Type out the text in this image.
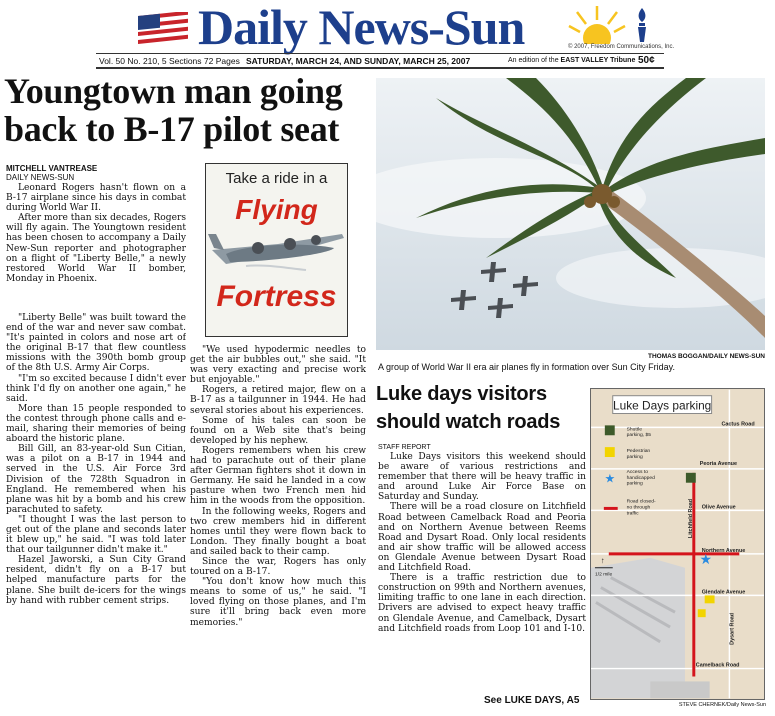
Daily News-Sun	© 2007, Freedom Communications, Inc.
Vol. 50 No. 210, 5 Sections 72 Pages SATURDAY, MARCH 24, AND SUNDAY, MARCH 25, 2007	An edition of the EAST VALLEY Tribune 50¢
Youngtown man going
back to B-17 pilot seat
MITCHELL VANTREASE
DAILY NEWS-SUN

Leonard Rogers hasn't flown on a B-17 airplane since his days in combat during World War II.

After more than six decades, Rogers will fly again. The Youngtown resident has been chosen to accompany a Daily New-Sun reporter and photographer on a flight of "Liberty Belle," a newly restored World War II bomber, Monday in Phoenix.

"Liberty Belle" was built toward the end of the war and never saw combat. "It's painted in colors and nose art of the original B-17 that flew countless missions with the 390th bomb group of the 8th U.S. Army Air Corps.

"I'm so excited because I didn't ever think I'd fly on another one again," he said.

More than 15 people responded to the contest through phone calls and e-mail, sharing their memories of being aboard the historic plane.

Bill Gill, an 83-year-old Sun Citian, was a pilot on a B-17 in 1944 and served in the U.S. Air Force 3rd Division of the 728th Squadron in England. He remembered when his plane was hit by a bomb and his crew parachuted to safety.

"I thought I was the last person to get out of the plane and seconds later it blew up," he said. "I was told later that our tailgunner didn't make it."

Hazel Jaworski, a Sun City Grand resident, didn't fly on a B-17 but helped manufacture parts for the plane. She built de-icers for the wings by hand with rubber cement strips.

"We used hypodermic needles to get the air bubbles out," she said. "It was very exacting and precise work but enjoyable."

Rogers, a retired major, flew on a B-17 as a tailgunner in 1944. He had several stories about his experiences.

Some of his tales can soon be found on a Web site that's being developed by his nephew.

Rogers remembers when his crew had to parachute out of their plane after German fighters shot it down in Germany. He said he landed in a cow pasture when two French men hid him in the woods from the opposition.

In the following weeks, Rogers and two crew members hid in different homes until they were flown back to London. They finally bought a boat and sailed back to their camp.

Since the war, Rogers has only toured on a B-17.

"You don't know how much this means to some of us," he said. "I loved flying on those planes, and I'm sure it'll bring back even more memories."

Take a ride in a
Flying
Fortress
THOMAS BOGGAN/DAILY NEWS-SUN
A group of World War II era air planes fly in formation over Sun City Friday.
Luke days visitors
should watch roads
STAFF REPORT

Luke Days visitors this weekend should be aware of various restrictions and remember that there will be heavy traffic in and around Luke Air Force Base on Saturday and Sunday.

There will be a road closure on Litchfield Road between Camelback Road and Peoria and on Northern Avenue between Reems Road and Dysart Road. Only local residents and air show traffic will be allowed access on Glendale Avenue between Dysart Road and Litchfield Road.

There is a traffic restriction due to construction on 99th and Northern avenues, limiting traffic to one lane in each direction. Drivers are advised to expect heavy traffic on Glendale Avenue, and Camelback, Dysart and Litchfield roads from Loop 101 and I-10.

See LUKE DAYS, A5
Luke Days parking
Shuttle
parking, $5
Pedestrian
parking
★ Access to
handicapped
parking
Road closed-
no through
traffic
★
Cactus Road
Peoria Avenue
Olive Avenue
Northern Avenue
Glendale Avenue
Camelback Road
Litchfield Road
Dysart Road
↑
1/2 mile
STEVE CHERNEK/Daily News-Sun
